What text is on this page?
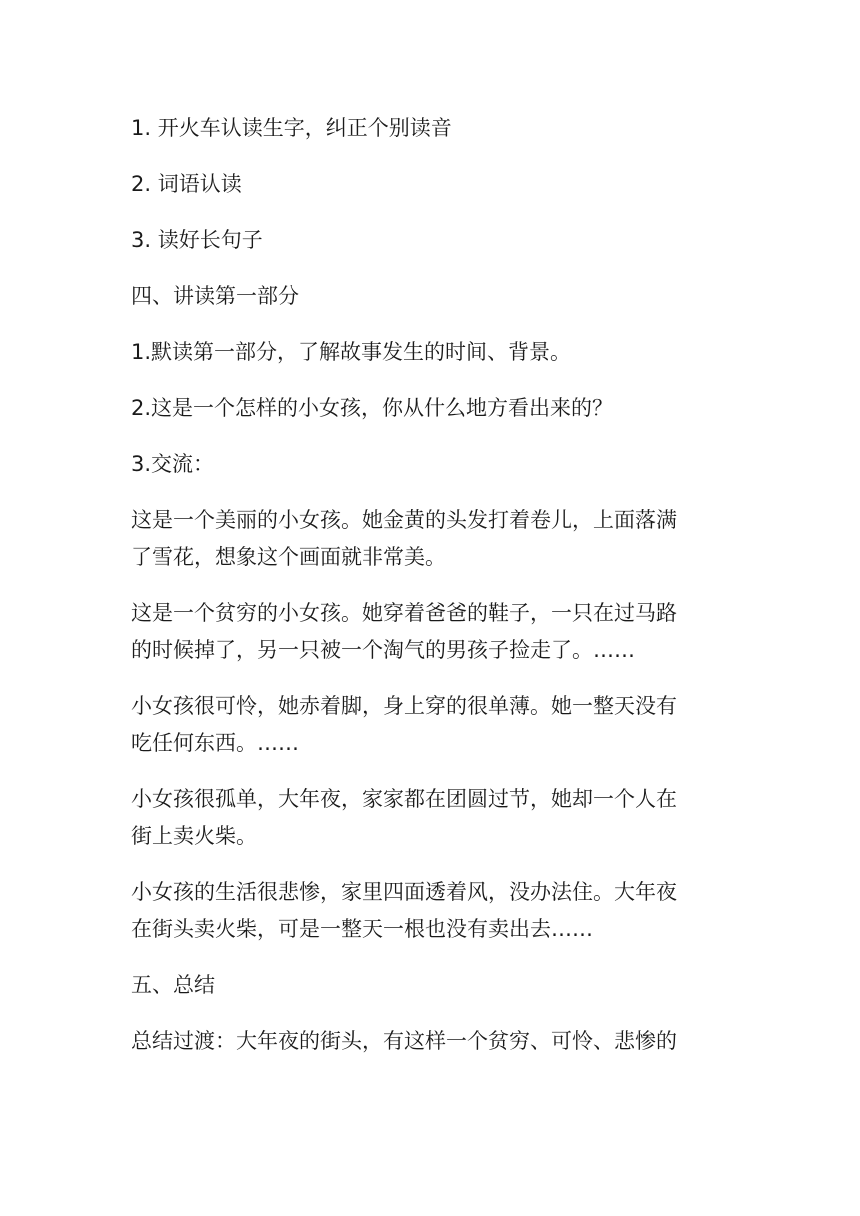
1. 开火车认读生字，纠正个别读音

2. 词语认读

3. 读好长句子

四、讲读第一部分

1.默读第一部分，了解故事发生的时间、背景。

2.这是一个怎样的小女孩，你从什么地方看出来的？

3.交流：

这是一个美丽的小女孩。她金黄的头发打着卷儿，上面落满
了雪花，想象这个画面就非常美。
这是一个贫穷的小女孩。她穿着爸爸的鞋子，一只在过马路
的时候掉了，另一只被一个淘气的男孩子捡走了。……
小女孩很可怜，她赤着脚，身上穿的很单薄。她一整天没有
吃任何东西。……
小女孩很孤单，大年夜，家家都在团圆过节，她却一个人在
街上卖火柴。
小女孩的生活很悲惨，家里四面透着风，没办法住。大年夜
在街头卖火柴，可是一整天一根也没有卖出去……

五、总结

总结过渡：大年夜的街头，有这样一个贫穷、可怜、悲惨的
